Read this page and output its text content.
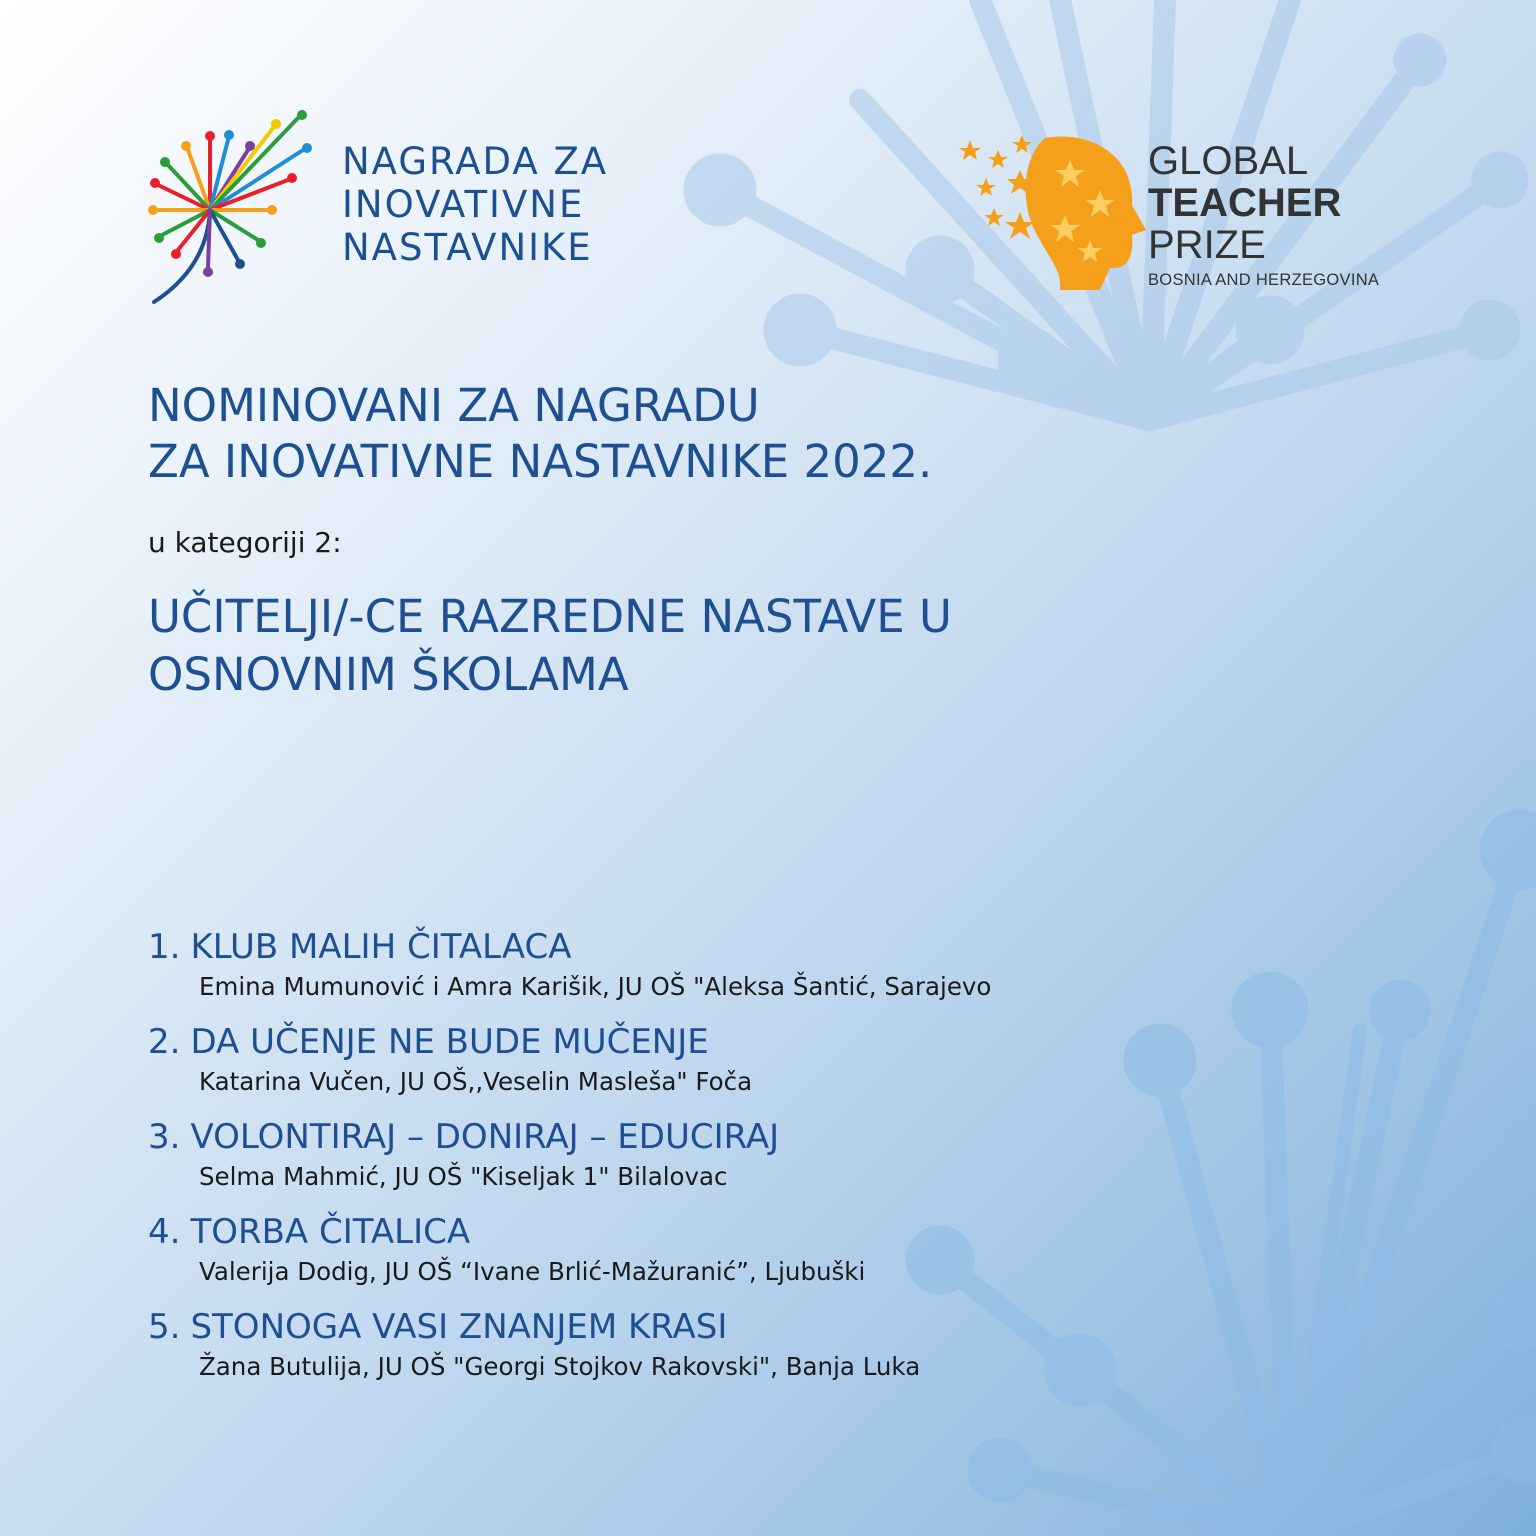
NAGRADA ZA
INOVATIVNE
NASTAVNIKE
GLOBAL
TEACHER
PRIZE
BOSNIA AND HERZEGOVINA
NOMINOVANI ZA NAGRADU
ZA INOVATIVNE NASTAVNIKE 2022.
u kategoriji 2:
UČITELJI/-CE RAZREDNE NASTAVE U
OSNOVNIM ŠKOLAMA
1. KLUB MALIH ČITALACA
Emina Mumunović i Amra Karišik, JU OŠ "Aleksa Šantić, Sarajevo
2. DA UČENJE NE BUDE MUČENJE
Katarina Vučen, JU OŠ,,Veselin Masleša" Foča
3. VOLONTIRAJ – DONIRAJ – EDUCIRAJ
Selma Mahmić, JU OŠ "Kiseljak 1" Bilalovac
4. TORBA ČITALICA
Valerija Dodig, JU OŠ “Ivane Brlić-Mažuranić”, Ljubuški
5. STONOGA VASI ZNANJEM KRASI
Žana Butulija, JU OŠ "Georgi Stojkov Rakovski", Banja Luka
